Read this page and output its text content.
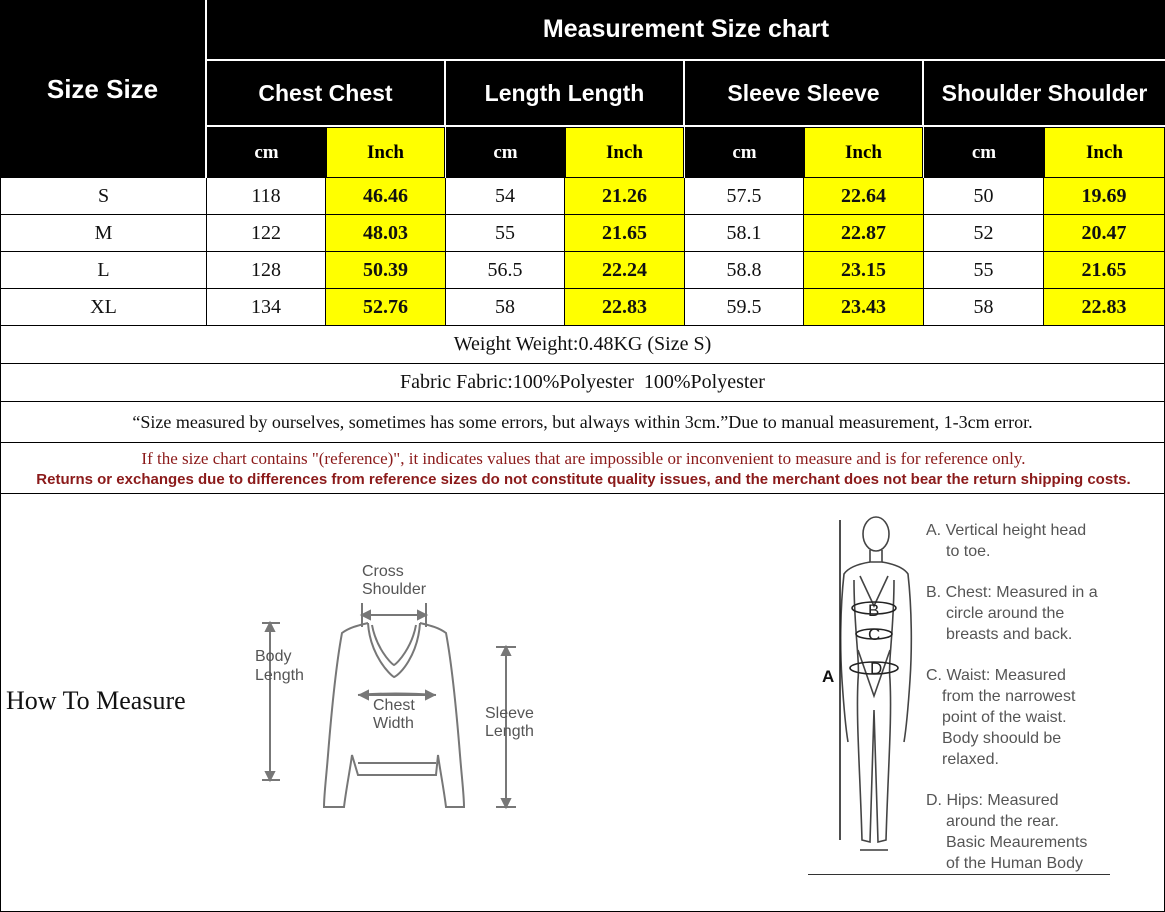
Size Size
Measurement Size chart
Chest Chest	Length Length	Sleeve Sleeve	Shoulder Shoulder
cm	Inch	cm	Inch	cm	Inch	cm	Inch
S	118	46.46	54	21.26	57.5	22.64	50	19.69
M	122	48.03	55	21.65	58.1	22.87	52	20.47
L	128	50.39	56.5	22.24	58.8	23.15	55	21.65
XL	134	52.76	58	22.83	59.5	23.43	58	22.83
Weight Weight:0.48KG (Size S)
Fabric Fabric:100%Polyester  100%Polyester
“Size measured by ourselves, sometimes has some errors, but always within 3cm.”Due to manual measurement, 1-3cm error.
If the size chart contains "(reference)", it indicates values that are impossible or inconvenient to measure and is for reference only.
Returns or exchanges due to differences from reference sizes do not constitute quality issues, and the merchant does not bear the return shipping costs.
How To Measure
Cross
Shoulder
Body
Length
Chest
Width
Sleeve
Length
B
C
D
A
A. Vertical height head
to toe.
B. Chest: Measured in a
circle around the
breasts and back.
C. Waist: Measured
from the narrowest
point of the waist.
Body shoould be
relaxed.
D. Hips: Measured
around the rear.
Basic Meaurements
of the Human Body
